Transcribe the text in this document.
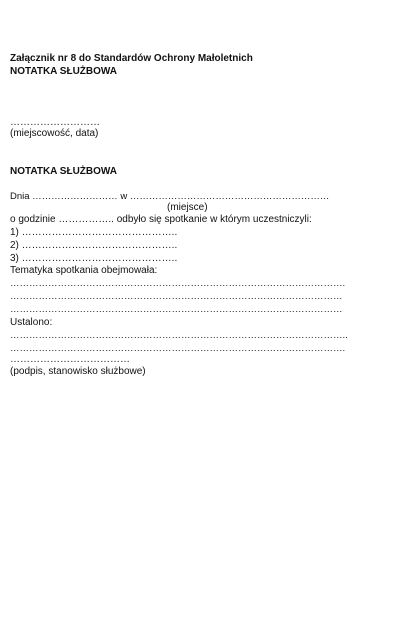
Załącznik nr 8 do Standardów Ochrony Małoletnich
NOTATKA SŁUŻBOWA
………………………
(miejscowość, data)
NOTATKA SŁUŻBOWA
Dnia ……………………… w ………………………………………………………
(miejsce)
o godzinie …………….. odbyło się spotkanie w którym uczestniczyli:
1) ………………………………………..
2) ………………………………………..
3) ………………………………………..
Tematyka spotkania obejmowała:
…………………………………………………………………………………………….
……………………………………………………………………………………………
……………………………………………………………………………………………
Ustalono:
……………………………………………………………………………………………..
…………………………………………………………………………………………….
………………………………
(podpis, stanowisko służbowe)
